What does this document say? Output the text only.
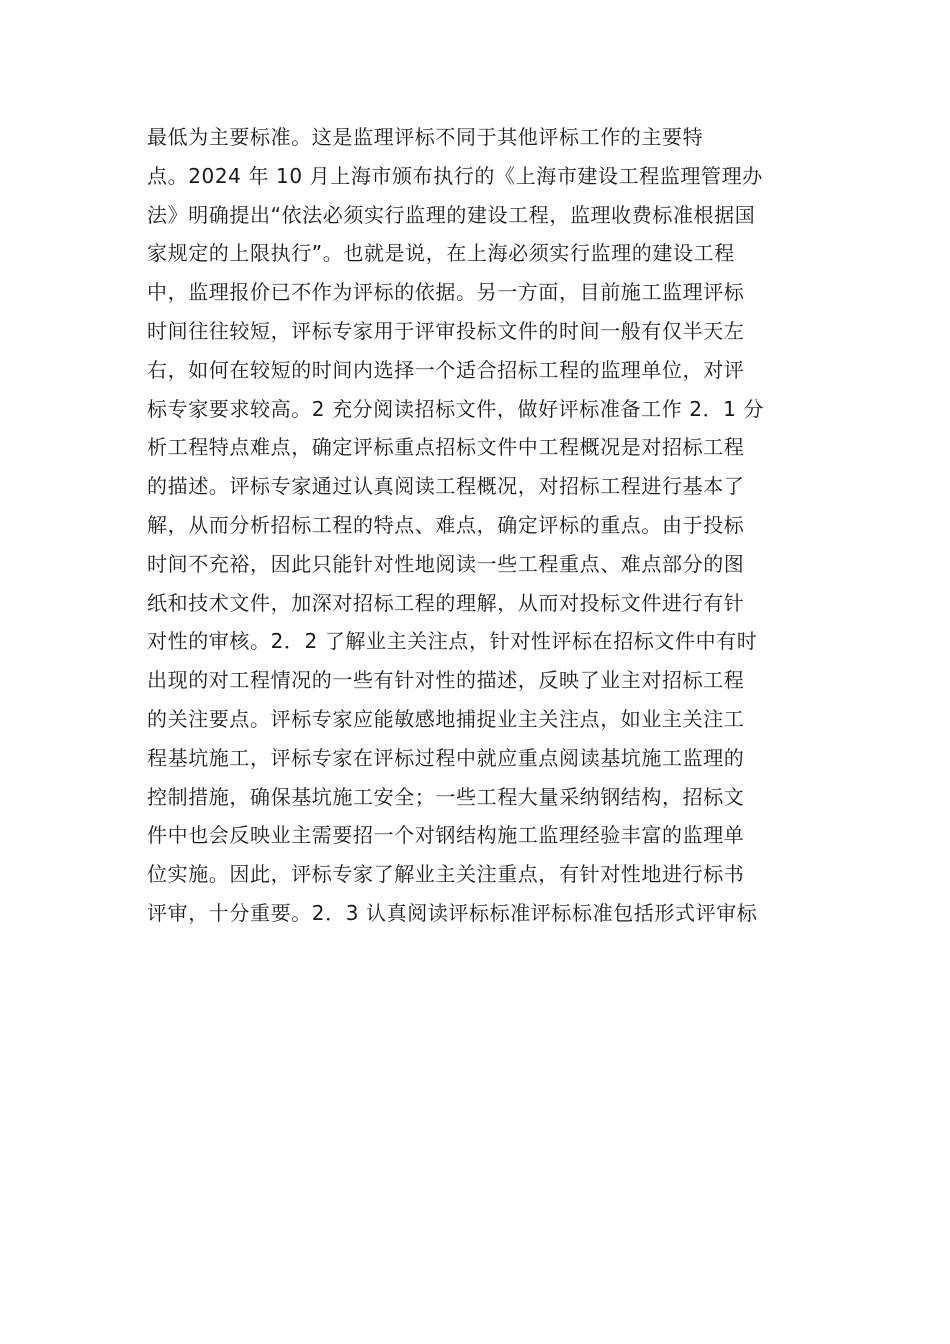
最低为主要标准。这是监理评标不同于其他评标工作的主要特
点。2024 年 10 月上海市颁布执行的《上海市建设工程监理管理办
法》明确提出“依法必须实行监理的建设工程，监理收费标准根据国
家规定的上限执行”。也就是说，在上海必须实行监理的建设工程
中，监理报价已不作为评标的依据。另一方面，目前施工监理评标
时间往往较短，评标专家用于评审投标文件的时间一般有仅半天左
右，如何在较短的时间内选择一个适合招标工程的监理单位，对评
标专家要求较高。2 充分阅读招标文件，做好评标准备工作 2．1 分
析工程特点难点，确定评标重点招标文件中工程概况是对招标工程
的描述。评标专家通过认真阅读工程概况，对招标工程进行基本了
解，从而分析招标工程的特点、难点，确定评标的重点。由于投标
时间不充裕，因此只能针对性地阅读一些工程重点、难点部分的图
纸和技术文件，加深对招标工程的理解，从而对投标文件进行有针
对性的审核。2．2 了解业主关注点，针对性评标在招标文件中有时
出现的对工程情况的一些有针对性的描述，反映了业主对招标工程
的关注要点。评标专家应能敏感地捕捉业主关注点，如业主关注工
程基坑施工，评标专家在评标过程中就应重点阅读基坑施工监理的
控制措施，确保基坑施工安全；一些工程大量采纳钢结构，招标文
件中也会反映业主需要招一个对钢结构施工监理经验丰富的监理单
位实施。因此，评标专家了解业主关注重点，有针对性地进行标书
评审，十分重要。2．3 认真阅读评标标准评标标准包括形式评审标
